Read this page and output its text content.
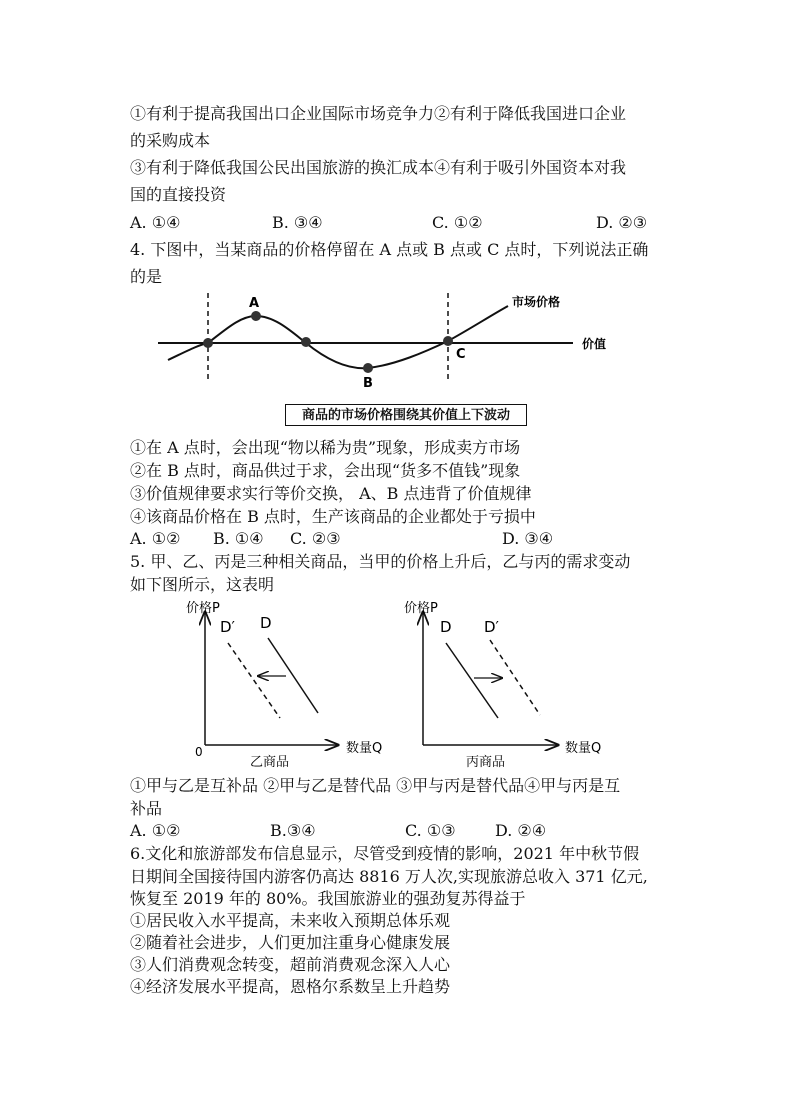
①有利于提高我国出口企业国际市场竞争力②有利于降低我国进口企业
的采购成本
③有利于降低我国公民出国旅游的换汇成本④有利于吸引外国资本对我
国的直接投资
A. ①④	B. ③④	C. ①②	D. ②③
4. 下图中，当某商品的价格停留在 A 点或 B 点或 C 点时，下列说法正确
的是
A
B
C
市场价格
价值
商品的市场价格围绕其价值上下波动
①在 A 点时，会出现“物以稀为贵”现象，形成卖方市场
②在 B 点时，商品供过于求，会出现“货多不值钱”现象
③价值规律要求实行等价交换， A、B 点违背了价值规律
④该商品价格在 B 点时，生产该商品的企业都处于亏损中
A. ①② B. ①④ C. ②③	D. ③④
5. 甲、乙、丙是三种相关商品，当甲的价格上升后，乙与丙的需求变动
如下图所示，这表明
价格P
数量Q
0
乙商品
D′ D
价格P
数量Q
丙商品
D D′
①甲与乙是互补品 ②甲与乙是替代品 ③甲与丙是替代品④甲与丙是互
补品
A. ①②	B.③④	C. ①③ D. ②④
6.文化和旅游部发布信息显示，尽管受到疫情的影响，2021 年中秋节假
日期间全国接待国内游客仍高达 8816 万人次,实现旅游总收入 371 亿元,
恢复至 2019 年的 80%。我国旅游业的强劲复苏得益于
①居民收入水平提高，未来收入预期总体乐观
②随着社会进步，人们更加注重身心健康发展
③人们消费观念转变，超前消费观念深入人心
④经济发展水平提高，恩格尔系数呈上升趋势
